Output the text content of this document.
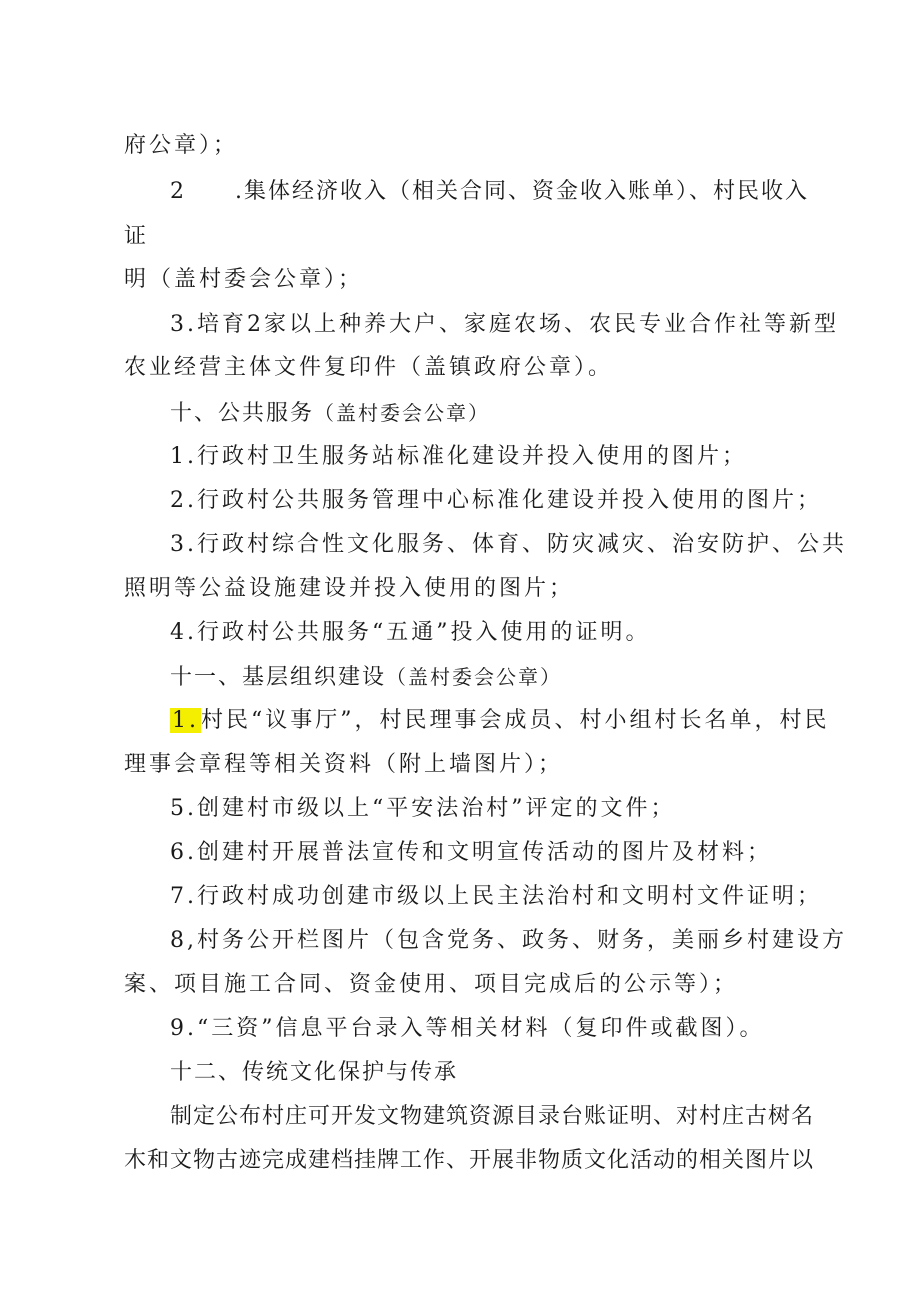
府公章）；
2 .集体经济收入（相关合同、资金收入账单）、村民收入
证
明（盖村委会公章）；
3.培育2家以上种养大户、家庭农场、农民专业合作社等新型
农业经营主体文件复印件（盖镇政府公章）。
十、公共服务（盖村委会公章）
1.行政村卫生服务站标准化建设并投入使用的图片；
2.行政村公共服务管理中心标准化建设并投入使用的图片；
3.行政村综合性文化服务、体育、防灾减灾、治安防护、公共
照明等公益设施建设并投入使用的图片；
4.行政村公共服务“五通”投入使用的证明。
十一、基层组织建设（盖村委会公章）
1.村民“议事厅”，村民理事会成员、村小组村长名单，村民
理事会章程等相关资料（附上墙图片）；
5.创建村市级以上“平安法治村”评定的文件；
6.创建村开展普法宣传和文明宣传活动的图片及材料；
7.行政村成功创建市级以上民主法治村和文明村文件证明；
8,村务公开栏图片（包含党务、政务、财务，美丽乡村建设方
案、项目施工合同、资金使用、项目完成后的公示等）；
9.“三资”信息平台录入等相关材料（复印件或截图）。
十二、传统文化保护与传承
制定公布村庄可开发文物建筑资源目录台账证明、对村庄古树名
木和文物古迹完成建档挂牌工作、开展非物质文化活动的相关图片以
